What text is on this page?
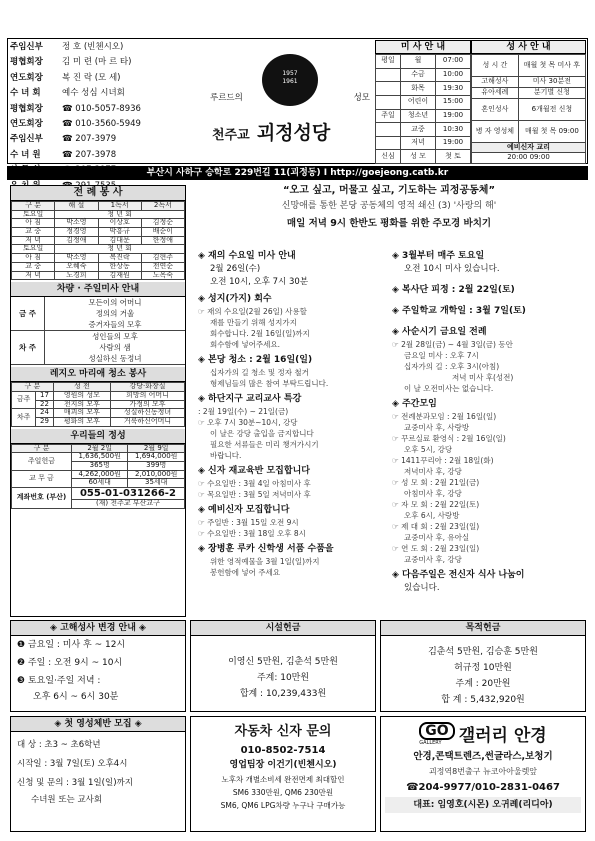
주임신부	정 호 (빈첸시오)
평협회장	김 미 련 (마 르 타)
연도회장	복 진 락 (모 세)
수 녀 회	예수 성심 시녀회
평협회장	☎ 010-5057-8936
연도회장	☎ 010-3560-5949
주임신부	☎ 207-3979
수 녀 원	☎ 207-3978
1957 1961
루르드의	성모
천주교 괴정성당
미 사 안 내	성 사 안 내
평일	월	07:00
	수금	10:00
	화목	19:30
	어린이	15:00
주일	청소년	19:00
	교중	10:30
	저녁	19:00
신심	성 모	첫 토
성 시 간	매월 첫 목 미사 후
고해성사	미사 30분전
유아세례	분기별 신청
혼인성사	6개월전 신청
병 자 영성체	매월 첫 목 09:00
예비신자 교리	
20:00 09:00	
부산시 사하구 승학로 229번길 11(괴정동) I http://goejeong.catb.kr
전 례 봉 사
구 분	해 설	1독서	2독서
토요일	청 년 회		
아 침	박소영	이상호	김정순
교 중	정경영	박흥규	배순이
저 녁	김정애	김대문	한정애
토요일	청 년 회		
아 침	박소영	복진락	김현주
교 중	오혜숙	한상동	전연순
저 녁	노경희	김재원	노옥숙
차량 · 주일미사 안내
금 주
모든이의 어머니
정의의 거울
증거자들의 모후
차 주
성인들의 모후
사람의 샘
성실하신 동정녀
레지오 마리애 청소 봉사
구 분		성 전	강당·화장실
금주	17	영원의 성모	희망의 어머니
	22	천지의 모후	가정의 모후
차주	24	매괴의 모후	성실하신동정녀
	29	평화의 모후	거룩하신어머니
우리들의 정성
구 분	2월 2일	2월 9일
주일헌금	1,636,500원	1,694,000원
	365명	399명
교 무 금	4,262,000원	2,010,000원
	60세대	35세대
계좌번호 (부산)	055-01-031266-2	
	(재) 천주교 부산교구	
“오고 싶고, 머물고 싶고, 기도하는 괴정공동체”
신망애를 통한 본당 공동체의 영적 쇄신 (3) '사랑의 해'
매일 저녁 9시 한반도 평화를 위한 주모경 바치기
◈ 재의 수요일 미사 안내
2월 26일(수)
오전 10시, 오후 7시 30분
◈ 성지(가지) 회수
☞ 재의 수요일(2월 26일) 사용할
재를 만들기 위해 성지가지
회수합니다. 2월 16일(일)까지
회수함에 넣어주세요.
◈ 본당 청소 : 2월 16일(일)
십자가의 길 청소 및 정자 철거
형제님들의 많은 참여 부탁드립니다.
◈ 하단지구 교리교사 특강
: 2월 19일(수) ~ 21일(금)
☞ 오후 7시 30분~10시, 강당
이 날은 강당 출입을 금지합니다
필요한 서류들은 미리 챙겨가시기
바랍니다.
◈ 신자 재교육반 모집합니다
☞ 수요일반 : 3월 4일 아침미사 후
☞ 목요일반 : 3월 5일 저녁미사 후
◈ 예비신자 모집합니다
☞ 주일반 : 3월 15일 오전 9시
☞ 수요일반 : 3월 18일 오후 8시
◈ 장병훈 루카 신학생 서품 수품을
위한 영적예물을 3월 1일(일)까지
봉헌함에 넣어 주세요
◈ 3월부터 매주 토요일
오전 10시 미사 있습니다.
◈ 복사단 피정 : 2월 22일(토)
◈ 주일학교 개학일 : 3월 7일(토)
◈ 사순시기 금요일 전례
☞ 2월 28일(금) ~ 4월 3일(금) 동안
금요일 미사 : 오후 7시
십자가의 길 : 오후 3시(아침)
저녁 미사 후(성전)
이 날 오전미사는 없습니다.
◈ 주간모임
☞ 전례분과모임 : 2월 16일(일)
교중미사 후, 사랑방
☞ 꾸르실료 환영식 : 2월 16일(일)
오후 5시, 강당
☞ 1411꾸리아 : 2월 18일(화)
저녁미사 후, 강당
☞ 성 모 회 : 2월 21일(금)
아침미사 후, 강당
☞ 자 모 회 : 2월 22일(토)
오후 6시, 사랑방
☞ 제 대 회 : 2월 23일(일)
교중미사 후, 유아실
☞ 연 도 회 : 2월 23일(일)
교중미사 후, 강당
◈ 다음주일은 전신자 식사 나눔이
있습니다.
◈ 고해성사 변경 안내 ◈
❶ 금요일 : 미사 후 ~ 12시
❷ 주일 : 오전 9시 ~ 10시
❸ 토요일·주일 저녁 :
오후 6시 ~ 6시 30분
시설헌금
이영신 5만원, 김춘석 5만원
주계: 10만원
합계 : 10,239,433원
목적헌금
김춘석 5만원, 김승훈 5만원
허규정 10만원
주계 : 20만원
합 계 : 5,432,920원
◈ 첫 영성체반 모집 ◈
대 상 : 초3 ~ 초6학년
시작일 : 3월 7일(토) 오후4시
신청 및 문의 : 3월 1일(일)까지
수녀원 또는 교사회
자동차 신자 문의
010-8502-7514
영업팀장 이건기(빈첸시오)
노후차 개별소비세 완전면제 최대할인
SM6 330만원, QM6 230만원
SM6, QM6 LPG차량 누구나 구매가능
GO
GALLERY	갤러리 안경
안경,콘택트렌즈,썬글라스,보청기
괴정역8번출구 뉴코아아울렛앞
☎204-9977/010-2831-0467
대표: 임영호(시몬) 오귀례(리디아)
